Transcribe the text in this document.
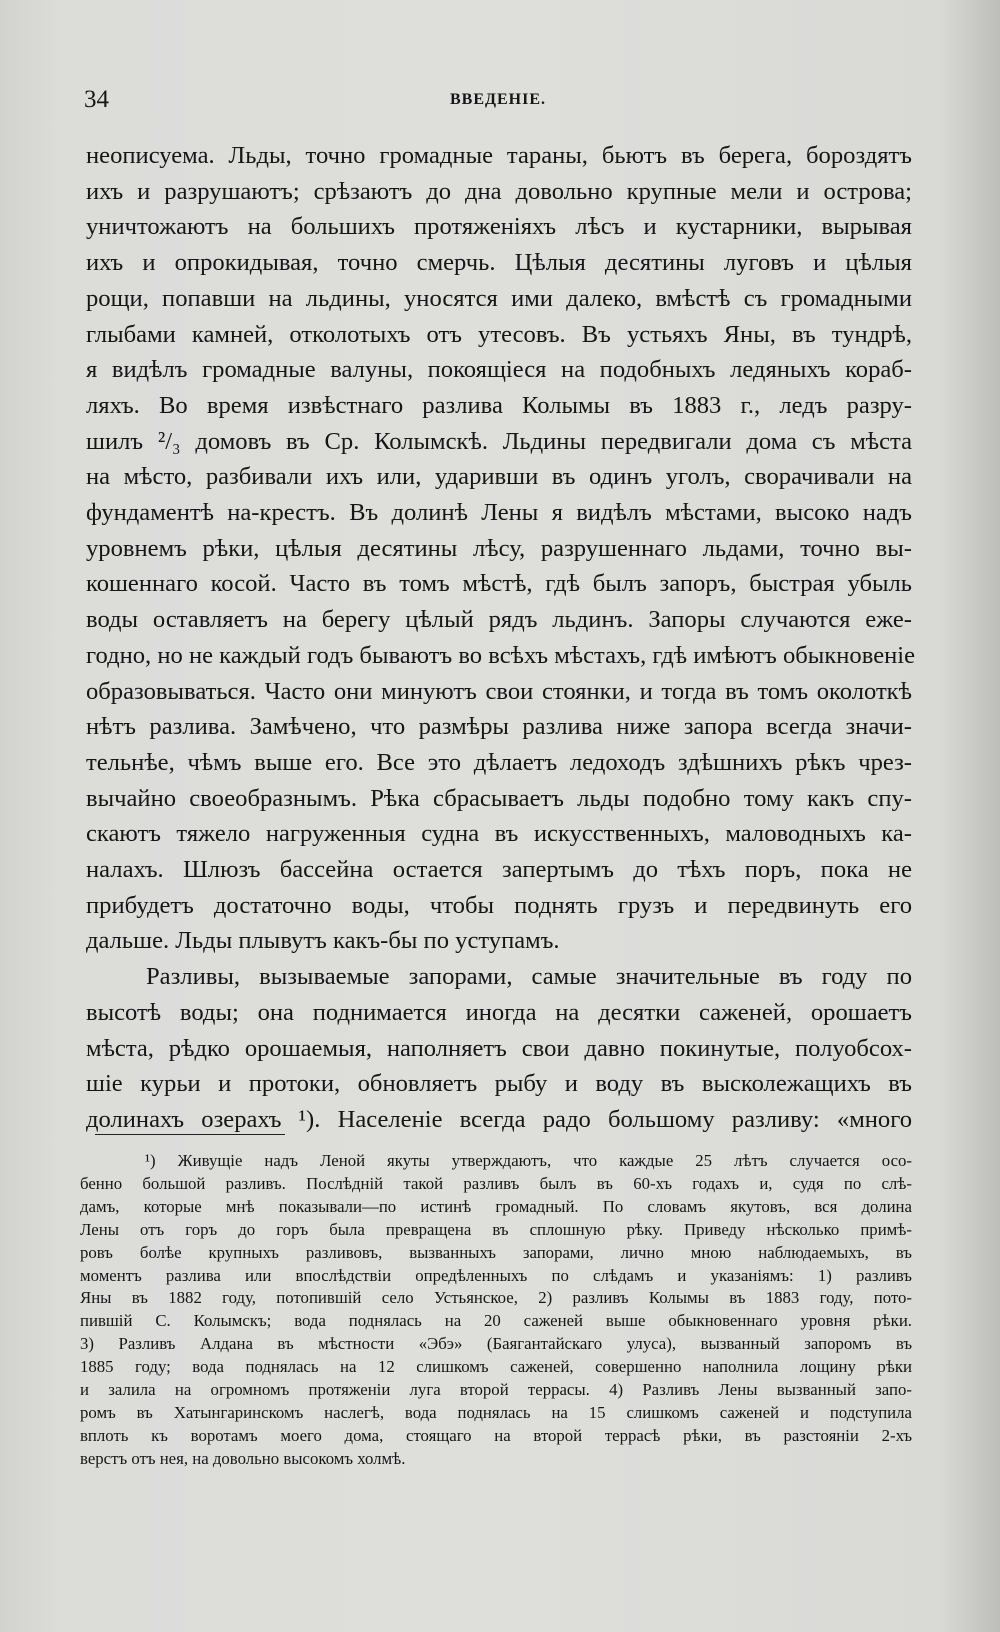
34	ВВЕДЕНІЕ.
неописуема. Льды, точно громадные тараны, бьютъ въ берега, бороздятъ
ихъ и разрушаютъ; срѣзаютъ до дна довольно крупные мели и острова;
уничтожаютъ на большихъ протяженіяхъ лѣсъ и кустарники, вырывая
ихъ и опрокидывая, точно смерчь. Цѣлыя десятины луговъ и цѣлыя
рощи, попавши на льдины, уносятся ими далеко, вмѣстѣ съ громадными
глыбами камней, отколотыхъ отъ утесовъ. Въ устьяхъ Яны, въ тундрѣ,
я видѣлъ громадные валуны, покоящіеся на подобныхъ ледяныхъ кораб-
ляхъ. Во время извѣстнаго разлива Колымы въ 1883 г., ледъ разру-
шилъ ²/₃ домовъ въ Ср. Колымскѣ. Льдины передвигали дома съ мѣста
на мѣсто, разбивали ихъ или, ударивши въ одинъ уголъ, сворачивали на
фундаментѣ на-крестъ. Въ долинѣ Лены я видѣлъ мѣстами, высоко надъ
уровнемъ рѣки, цѣлыя десятины лѣсу, разрушеннаго льдами, точно вы-
кошеннаго косой. Часто въ томъ мѣстѣ, гдѣ былъ запоръ, быстрая убыль
воды оставляетъ на берегу цѣлый рядъ льдинъ. Запоры случаются еже-
годно, но не каждый годъ бываютъ во всѣхъ мѣстахъ, гдѣ имѣютъ обыкновеніе
образовываться. Часто они минуютъ свои стоянки, и тогда въ томъ околоткѣ
нѣтъ разлива. Замѣчено, что размѣры разлива ниже запора всегда значи-
тельнѣе, чѣмъ выше его. Все это дѣлаетъ ледоходъ здѣшнихъ рѣкъ чрез-
вычайно своеобразнымъ. Рѣка сбрасываетъ льды подобно тому какъ спу-
скаютъ тяжело нагруженныя судна въ искусственныхъ, маловодныхъ ка-
налахъ. Шлюзъ бассейна остается запертымъ до тѣхъ поръ, пока не
прибудетъ достаточно воды, чтобы поднять грузъ и передвинуть его
дальше. Льды плывутъ какъ-бы по уступамъ.
Разливы, вызываемые запорами, самые значительные въ году по
высотѣ воды; она поднимается иногда на десятки саженей, орошаетъ
мѣста, рѣдко орошаемыя, наполняетъ свои давно покинутые, полуобсох-
шіе курьи и протоки, обновляетъ рыбу и воду въ высколежащихъ въ
долинахъ озерахъ ¹). Населеніе всегда радо большому разливу: «много
¹) Живущіе надъ Леной якуты утверждаютъ, что каждые 25 лѣтъ случается осо-
бенно большой разливъ. Послѣдній такой разливъ былъ въ 60-хъ годахъ и, судя по слѣ-
дамъ, которые мнѣ показывали—по истинѣ громадный. По словамъ якутовъ, вся долина
Лены отъ горъ до горъ была превращена въ сплошную рѣку. Приведу нѣсколько примѣ-
ровъ болѣе крупныхъ разливовъ, вызванныхъ запорами, лично мною наблюдаемыхъ, въ
моментъ разлива или впослѣдствіи опредѣленныхъ по слѣдамъ и указаніямъ: 1) разливъ
Яны въ 1882 году, потопившій село Устьянское, 2) разливъ Колымы въ 1883 году, пото-
пившій С. Колымскъ; вода поднялась на 20 саженей выше обыкновеннаго уровня рѣки.
3) Разливъ Алдана въ мѣстности «Эбэ» (Баягантайскаго улуса), вызванный запоромъ въ
1885 году; вода поднялась на 12 слишкомъ саженей, совершенно наполнила лощину рѣки
и залила на огромномъ протяженіи луга второй террасы. 4) Разливъ Лены вызванный запо-
ромъ въ Хатынгаринскомъ наслегѣ, вода поднялась на 15 слишкомъ саженей и подступила
вплоть къ воротамъ моего дома, стоящаго на второй террасѣ рѣки, въ разстояніи 2-хъ
верстъ отъ нея, на довольно высокомъ холмѣ.
